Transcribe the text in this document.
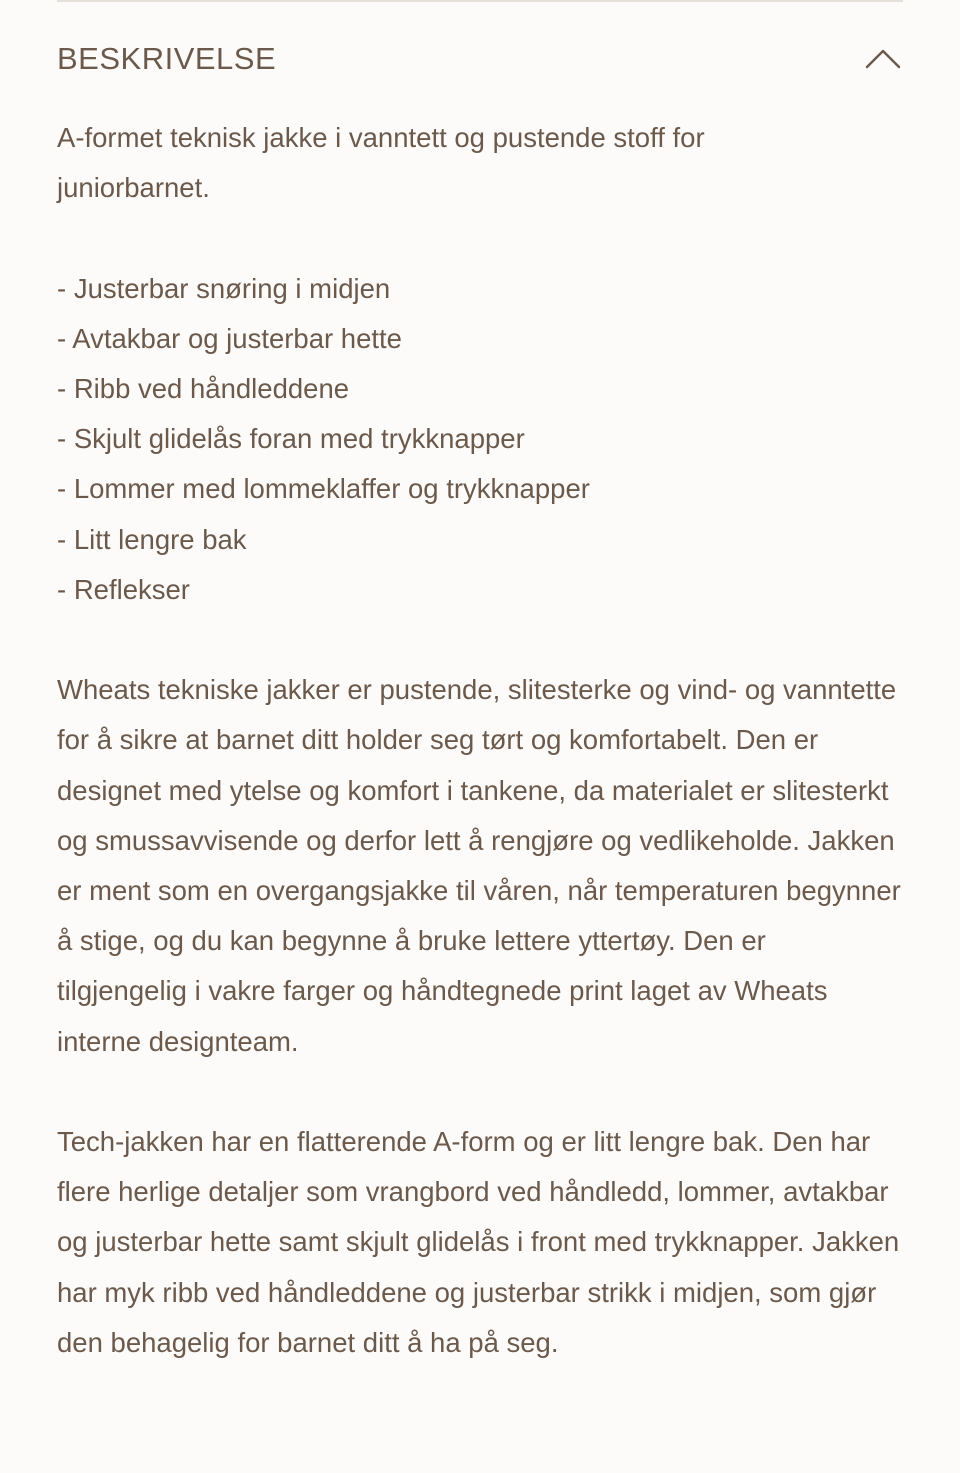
BESKRIVELSE

A-formet teknisk jakke i vanntett og pustende stoff for juniorbarnet.

- Justerbar snøring i midjen
- Avtakbar og justerbar hette
- Ribb ved håndleddene
- Skjult glidelås foran med trykknapper
- Lommer med lommeklaffer og trykknapper
- Litt lengre bak
- Reflekser

Wheats tekniske jakker er pustende, slitesterke og vind- og vanntette for å sikre at barnet ditt holder seg tørt og komfortabelt. Den er designet med ytelse og komfort i tankene, da materialet er slitesterkt og smussavvisende og derfor lett å rengjøre og vedlikeholde. Jakken er ment som en overgangsjakke til våren, når temperaturen begynner å stige, og du kan begynne å bruke lettere yttertøy. Den er tilgjengelig i vakre farger og håndtegnede print laget av Wheats interne designteam.

Tech-jakken har en flatterende A-form og er litt lengre bak. Den har flere herlige detaljer som vrangbord ved håndledd, lommer, avtakbar og justerbar hette samt skjult glidelås i front med trykknapper. Jakken har myk ribb ved håndleddene og justerbar strikk i midjen, som gjør den behagelig for barnet ditt å ha på seg.
